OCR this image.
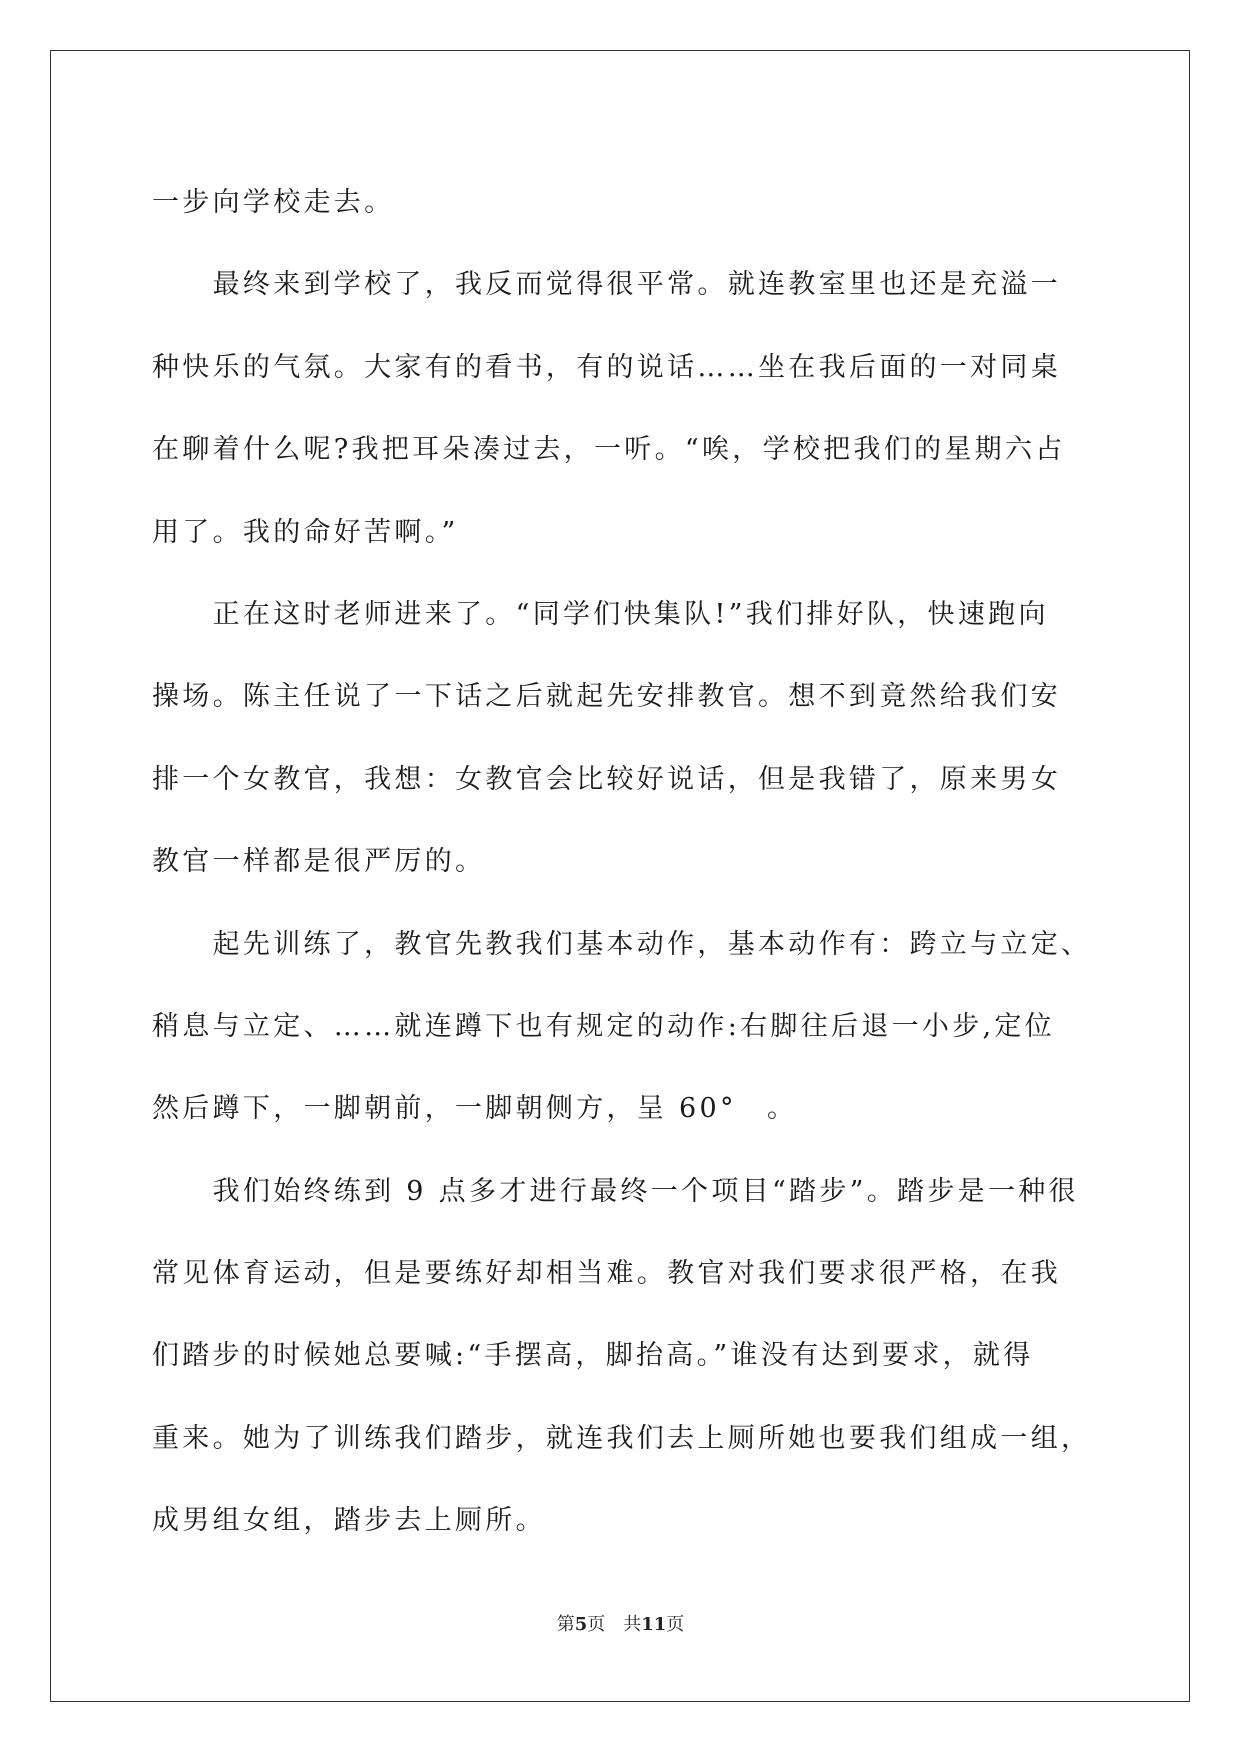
一步向学校走去。
　　最终来到学校了，我反而觉得很平常。就连教室里也还是充溢一
种快乐的气氛。大家有的看书，有的说话……坐在我后面的一对同桌
在聊着什么呢?我把耳朵凑过去，一听。“唉，学校把我们的星期六占
用了。我的命好苦啊。”
　　正在这时老师进来了。“同学们快集队!”我们排好队，快速跑向
操场。陈主任说了一下话之后就起先安排教官。想不到竟然给我们安
排一个女教官，我想：女教官会比较好说话，但是我错了，原来男女
教官一样都是很严厉的。
　　起先训练了，教官先教我们基本动作，基本动作有：跨立与立定、
稍息与立定、……就连蹲下也有规定的动作:右脚往后退一小步,定位
然后蹲下，一脚朝前，一脚朝侧方，呈 60°　。
　　我们始终练到 9 点多才进行最终一个项目“踏步”。踏步是一种很
常见体育运动，但是要练好却相当难。教官对我们要求很严格，在我
们踏步的时候她总要喊:“手摆高，脚抬高。”谁没有达到要求，就得
重来。她为了训练我们踏步，就连我们去上厕所她也要我们组成一组，
成男组女组，踏步去上厕所。
第5页　共11页
